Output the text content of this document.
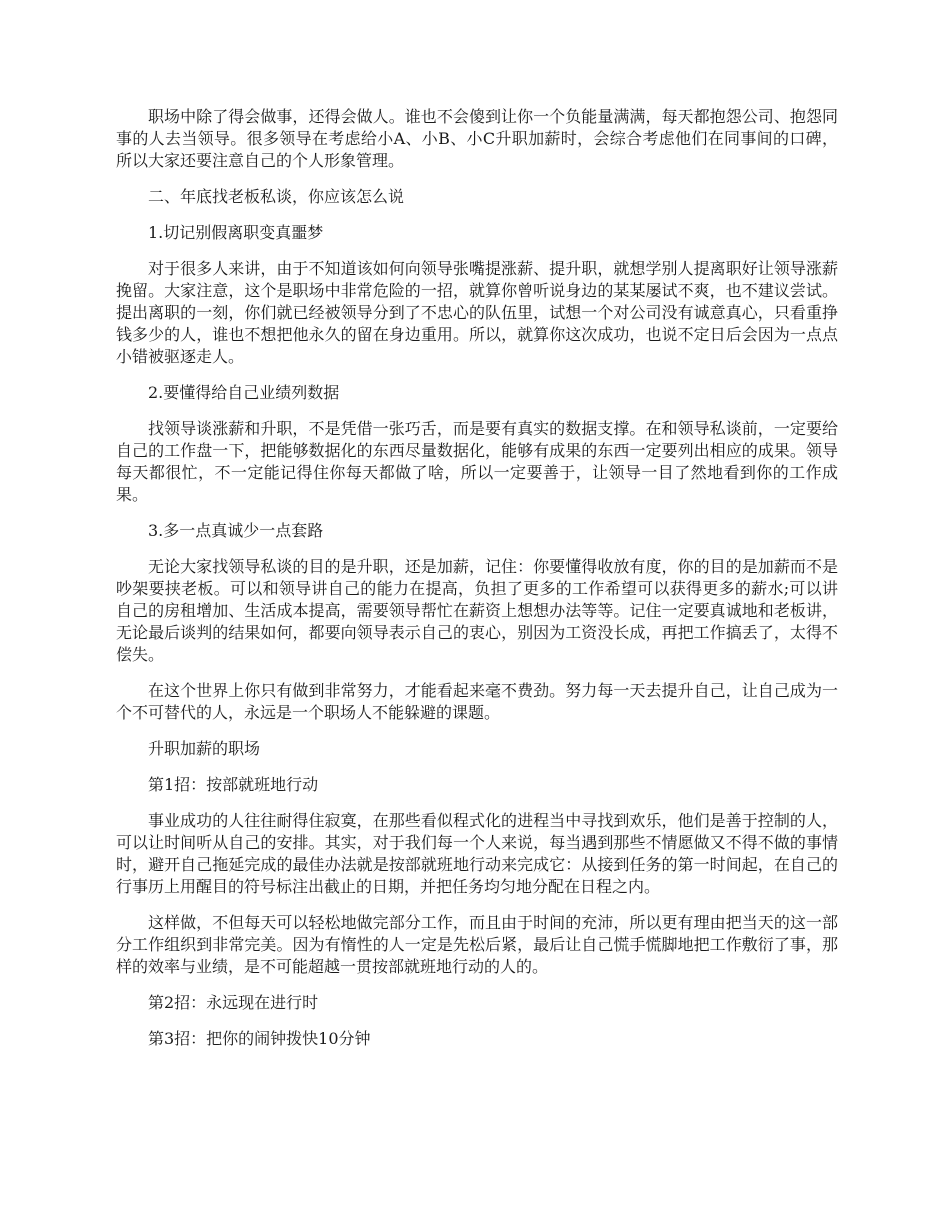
职场中除了得会做事，还得会做人。谁也不会傻到让你一个负能量满满，每天都抱怨公司、抱怨同事的人去当领导。很多领导在考虑给小A、小B、小C升职加薪时，会综合考虑他们在同事间的口碑，所以大家还要注意自己的个人形象管理。

二、年底找老板私谈，你应该怎么说

1.切记别假离职变真噩梦

对于很多人来讲，由于不知道该如何向领导张嘴提涨薪、提升职，就想学别人提离职好让领导涨薪挽留。大家注意，这个是职场中非常危险的一招，就算你曾听说身边的某某屡试不爽，也不建议尝试。提出离职的一刻，你们就已经被领导分到了不忠心的队伍里，试想一个对公司没有诚意真心，只看重挣钱多少的人，谁也不想把他永久的留在身边重用。所以，就算你这次成功，也说不定日后会因为一点点小错被驱逐走人。

2.要懂得给自己业绩列数据

找领导谈涨薪和升职，不是凭借一张巧舌，而是要有真实的数据支撑。在和领导私谈前，一定要给自己的工作盘一下，把能够数据化的东西尽量数据化，能够有成果的东西一定要列出相应的成果。领导每天都很忙，不一定能记得住你每天都做了啥，所以一定要善于，让领导一目了然地看到你的工作成果。

3.多一点真诚少一点套路

无论大家找领导私谈的目的是升职，还是加薪，记住：你要懂得收放有度，你的目的是加薪而不是吵架要挟老板。可以和领导讲自己的能力在提高，负担了更多的工作希望可以获得更多的薪水;可以讲自己的房租增加、生活成本提高，需要领导帮忙在薪资上想想办法等等。记住一定要真诚地和老板讲，无论最后谈判的结果如何，都要向领导表示自己的衷心，别因为工资没长成，再把工作搞丢了，太得不偿失。

在这个世界上你只有做到非常努力，才能看起来毫不费劲。努力每一天去提升自己，让自己成为一个不可替代的人，永远是一个职场人不能躲避的课题。

升职加薪的职场

第1招：按部就班地行动

事业成功的人往往耐得住寂寞，在那些看似程式化的进程当中寻找到欢乐，他们是善于控制的人，可以让时间听从自己的安排。其实，对于我们每一个人来说，每当遇到那些不情愿做又不得不做的事情时，避开自己拖延完成的最佳办法就是按部就班地行动来完成它：从接到任务的第一时间起，在自己的行事历上用醒目的符号标注出截止的日期，并把任务均匀地分配在日程之内。

这样做，不但每天可以轻松地做完部分工作，而且由于时间的充沛，所以更有理由把当天的这一部分工作组织到非常完美。因为有惰性的人一定是先松后紧，最后让自己慌手慌脚地把工作敷衍了事，那样的效率与业绩，是不可能超越一贯按部就班地行动的人的。

第2招：永远现在进行时

第3招：把你的闹钟拨快10分钟
